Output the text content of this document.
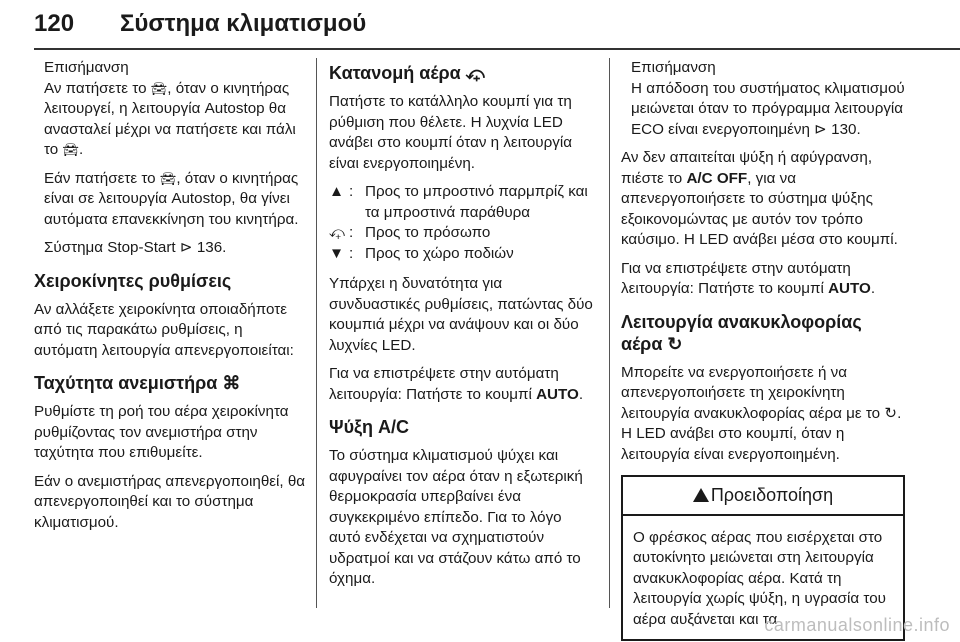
120 Σύστημα κλιματισμού
Επισήμανση

Αν πατήσετε το 🚘︎, όταν ο κινητήρας λειτουργεί, η λειτουργία Autostop θα ανασταλεί μέχρι να πατήσετε και πάλι το 🚘︎.

Εάν πατήσετε το 🚘︎, όταν ο κινητήρας είναι σε λειτουργία Autostop, θα γίνει αυτόματα επανεκκίνηση του κινητήρα.

Σύστημα Stop-Start ⊳ 136.

Χειροκίνητες ρυθμίσεις

Αν αλλάξετε χειροκίνητα οποιαδήποτε από τις παρακάτω ρυθμίσεις, η αυτόματη λειτουργία απενεργοποιείται:

Ταχύτητα ανεμιστήρα ⌘

Ρυθμίστε τη ροή του αέρα χειροκίνητα ρυθμίζοντας τον ανεμιστήρα στην ταχύτητα που επιθυμείτε.

Εάν ο ανεμιστήρας απενεργοποιηθεί, θα απενεργοποιηθεί και το σύστημα κλιματισμού.

Κατανομή αέρα ⤽

Πατήστε το κατάλληλο κουμπί για τη ρύθμιση που θέλετε. Η λυχνία LED ανάβει στο κουμπί όταν η λειτουργία είναι ενεργοποιημένη.

▲ : Προς το μπροστινό παρμπρίζ και τα μπροστινά παράθυρα
⤽ : Προς το πρόσωπο
▼ : Προς το χώρο ποδιών

Υπάρχει η δυνατότητα για συνδυαστικές ρυθμίσεις, πατώντας δύο κουμπιά μέχρι να ανάψουν και οι δύο λυχνίες LED.

Για να επιστρέψετε στην αυτόματη λειτουργία: Πατήστε το κουμπί AUTO.

Ψύξη A/C

Το σύστημα κλιματισμού ψύχει και αφυγραίνει τον αέρα όταν η εξωτερική θερμοκρασία υπερβαίνει ένα συγκεκριμένο επίπεδο. Για το λόγο αυτό ενδέχεται να σχηματιστούν υδρατμοί και να στάζουν κάτω από το όχημα.

Επισήμανση

Η απόδοση του συστήματος κλιματισμού μειώνεται όταν το πρόγραμμα λειτουργία ECO είναι ενεργοποιημένη ⊳ 130.

Αν δεν απαιτείται ψύξη ή αφύγρανση, πιέστε το A/C OFF, για να απενεργοποιήσετε το σύστημα ψύξης εξοικονομώντας με αυτόν τον τρόπο καύσιμο. Η LED ανάβει μέσα στο κουμπί.

Για να επιστρέψετε στην αυτόματη λειτουργία: Πατήστε το κουμπί AUTO.

Λειτουργία ανακυκλοφορίας αέρα ↻

Μπορείτε να ενεργοποιήσετε ή να απενεργοποιήσετε τη χειροκίνητη λειτουργία ανακυκλοφορίας αέρα με το ↻. Η LED ανάβει στο κουμπί, όταν η λειτουργία είναι ενεργοποιημένη.

Προειδοποίηση
Ο φρέσκος αέρας που εισέρχεται στο αυτοκίνητο μειώνεται στη λειτουργία ανακυκλοφορίας αέρα. Κατά τη λειτουργία χωρίς ψύξη, η υγρασία του αέρα αυξάνεται και τα
carmanualsonline.info
